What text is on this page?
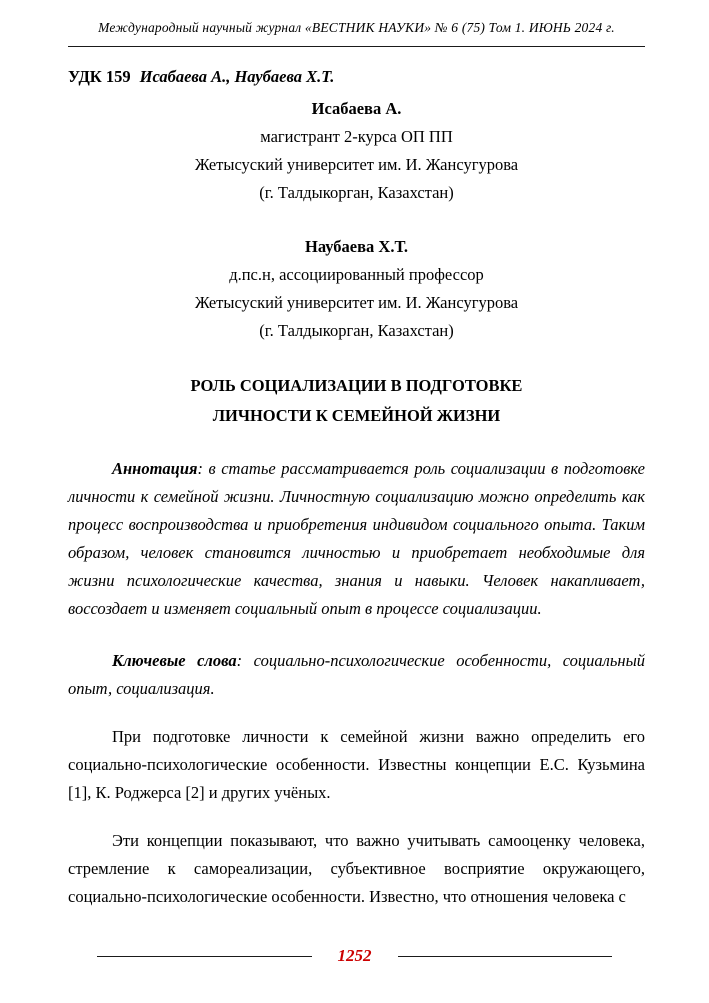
Международный научный журнал «ВЕСТНИК НАУКИ» № 6 (75) Том 1. ИЮНЬ 2024 г.
УДК 159 Исабаева А., Наубаева Х.Т.
Исабаева А.
магистрант 2-курса ОП ПП
Жетысуский университет им. И. Жансугурова
(г. Талдыкорган, Казахстан)
Наубаева Х.Т.
д.пс.н, ассоциированный профессор
Жетысуский университет им. И. Жансугурова
(г. Талдыкорган, Казахстан)
РОЛЬ СОЦИАЛИЗАЦИИ В ПОДГОТОВКЕ
ЛИЧНОСТИ К СЕМЕЙНОЙ ЖИЗНИ

Аннотация: в статье рассматривается роль социализации в подготовке личности к семейной жизни. Личностную социализацию можно определить как процесс воспроизводства и приобретения индивидом социального опыта. Таким образом, человек становится личностью и приобретает необходимые для жизни психологические качества, знания и навыки. Человек накапливает, воссоздает и изменяет социальный опыт в процессе социализации.

Ключевые слова: социально-психологические особенности, социальный опыт, социализация.

При подготовке личности к семейной жизни важно определить его социально-психологические особенности. Известны концепции Е.С. Кузьмина [1], К. Роджерса [2] и других учёных.

Эти концепции показывают, что важно учитывать самооценку человека, стремление к самореализации, субъективное восприятие окружающего, социально-психологические особенности. Известно, что отношения человека с

1252
